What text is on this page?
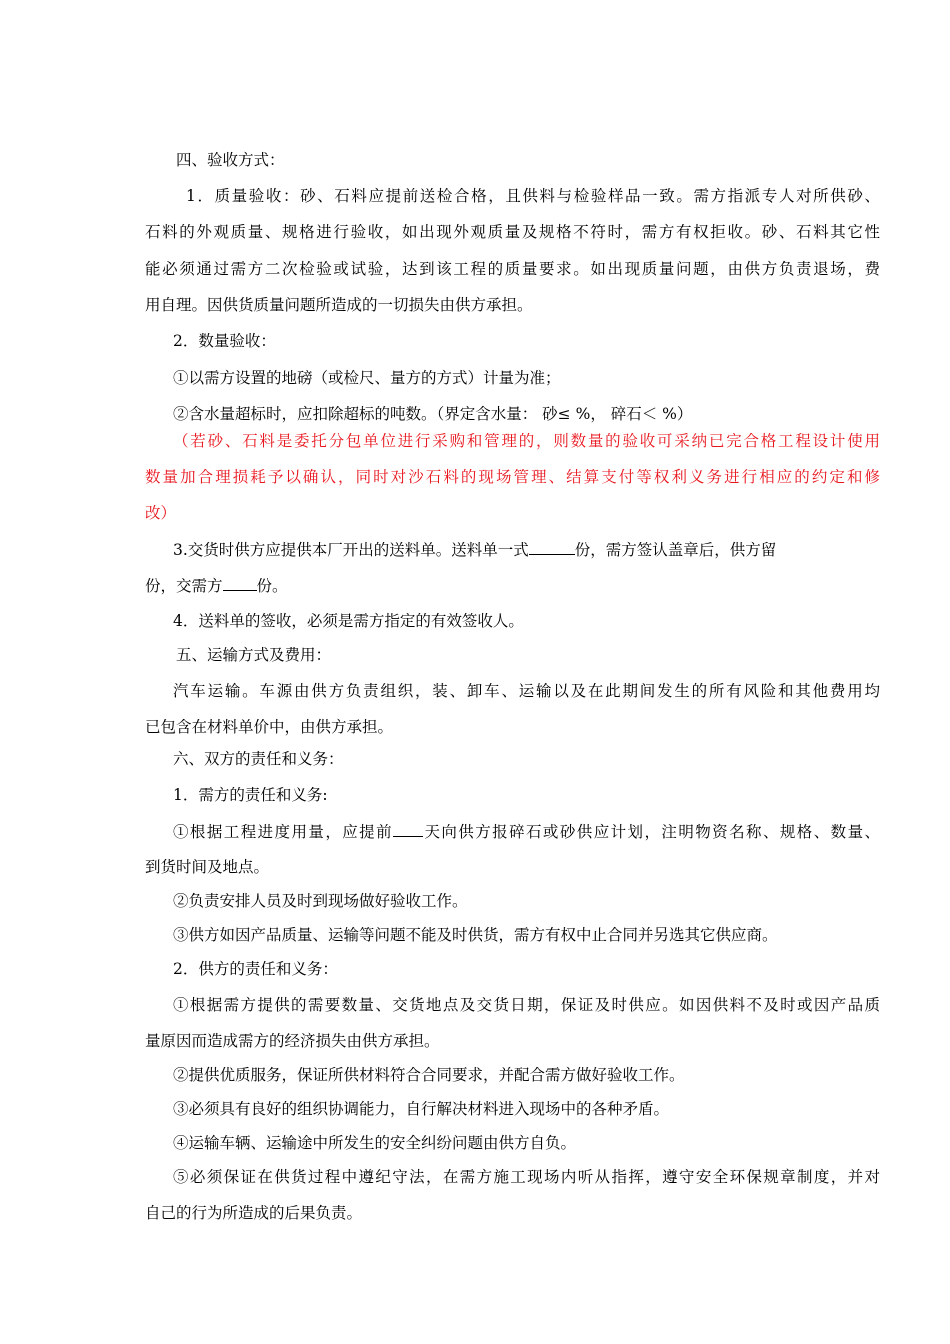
四、验收方式：
1．质量验收：砂、石料应提前送检合格，且供料与检验样品一致。需方指派专人对所供砂、
石料的外观质量、规格进行验收，如出现外观质量及规格不符时，需方有权拒收。砂、石料其它性
能必须通过需方二次检验或试验，达到该工程的质量要求。如出现质量问题，由供方负责退场，费
用自理。因供货质量问题所造成的一切损失由供方承担。
2．数量验收：
①以需方设置的地磅（或检尺、量方的方式）计量为准；
②含水量超标时，应扣除超标的吨数。（界定含水量： 砂≤ %， 碎石＜ %）
（若砂、石料是委托分包单位进行采购和管理的，则数量的验收可采纳已完合格工程设计使用
数量加合理损耗予以确认，同时对沙石料的现场管理、结算支付等权利义务进行相应的约定和修
改）
3.交货时供方应提供本厂开出的送料单。送料单一式	份，需方签认盖章后，供方留
份，交需方 份。
4．送料单的签收，必须是需方指定的有效签收人。
五、运输方式及费用：
汽车运输。车源由供方负责组织，装、卸车、运输以及在此期间发生的所有风险和其他费用均
已包含在材料单价中，由供方承担。
六、双方的责任和义务：
1．需方的责任和义务:
①根据工程进度用量，应提前 天向供方报碎石或砂供应计划，注明物资名称、规格、数量、
到货时间及地点。
②负责安排人员及时到现场做好验收工作。
③供方如因产品质量、运输等问题不能及时供货，需方有权中止合同并另选其它供应商。
2．供方的责任和义务：
①根据需方提供的需要数量、交货地点及交货日期，保证及时供应。如因供料不及时或因产品质
量原因而造成需方的经济损失由供方承担。
②提供优质服务，保证所供材料符合合同要求，并配合需方做好验收工作。
③必须具有良好的组织协调能力，自行解决材料进入现场中的各种矛盾。
④运输车辆、运输途中所发生的安全纠纷问题由供方自负。
⑤必须保证在供货过程中遵纪守法，在需方施工现场内听从指挥，遵守安全环保规章制度，并对
自己的行为所造成的后果负责。
